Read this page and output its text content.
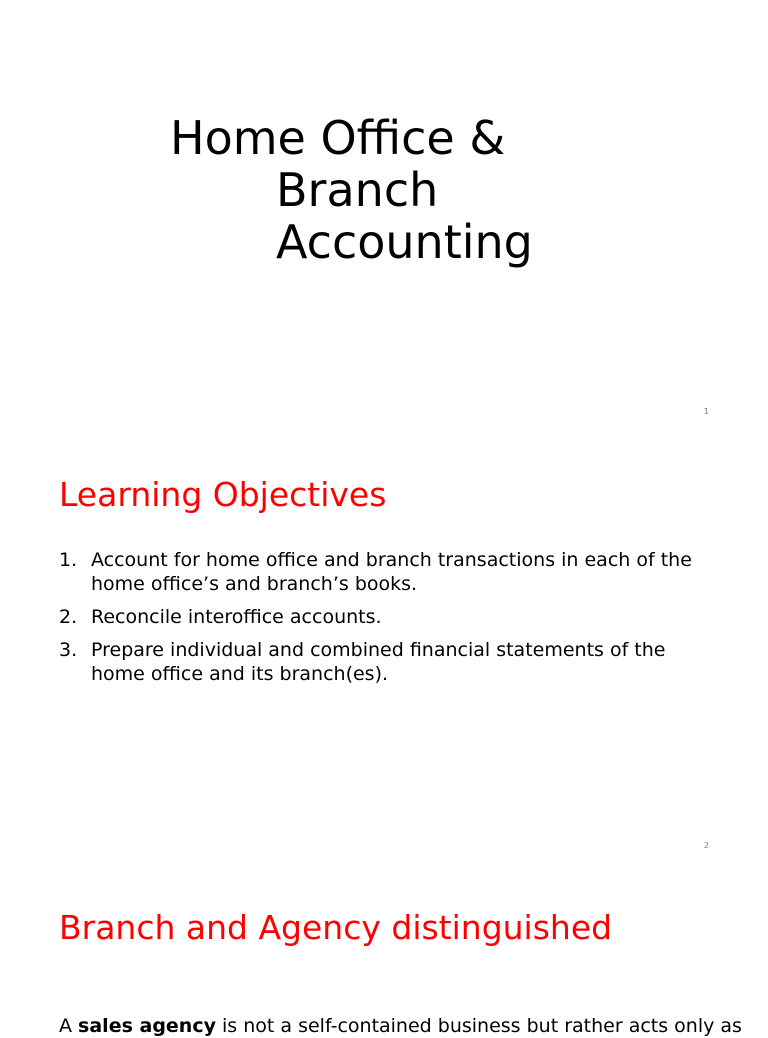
Home Office &
Branch
Accounting
1
Learning Objectives
1. Account for home office and branch transactions in each of the home office’s and branch’s books.
2. Reconcile interoffice accounts.
3. Prepare individual and combined financial statements of the home office and its branch(es).
2
Branch and Agency distinguished
A sales agency is not a self-contained business but rather acts only as
